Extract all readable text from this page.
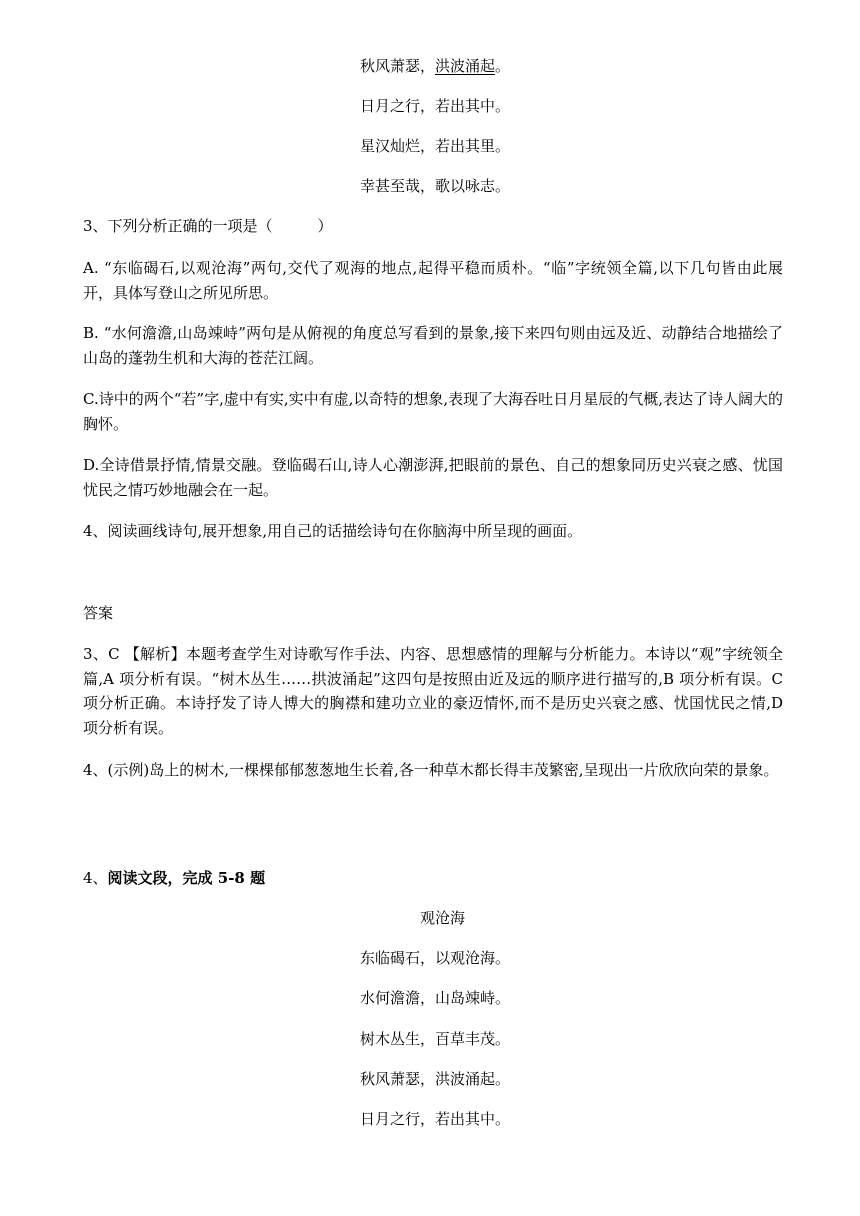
秋风萧瑟，洪波涌起。
日月之行，若出其中。
星汉灿烂，若出其里。
幸甚至哉，歌以咏志。
3、下列分析正确的一项是（　　　）
A. “东临碣石,以观沧海”两句,交代了观海的地点,起得平稳而质朴。“临”字统领全篇,以下几句皆由此展开，具体写登山之所见所思。
B. “水何澹澹,山岛竦峙”两句是从俯视的角度总写看到的景象,接下来四句则由远及近、动静结合地描绘了山岛的蓬勃生机和大海的苍茫江阔。
C.诗中的两个“若”字,虚中有实,实中有虚,以奇特的想象,表现了大海吞吐日月星辰的气概,表达了诗人阔大的胸怀。
D.全诗借景抒情,情景交融。登临碣石山,诗人心潮澎湃,把眼前的景色、自己的想象同历史兴衰之感、忧国忧民之情巧妙地融会在一起。
4、阅读画线诗句,展开想象,用自己的话描绘诗句在你脑海中所呈现的画面。
答案
3、C 【解析】本题考查学生对诗歌写作手法、内容、思想感情的理解与分析能力。本诗以“观”字统领全篇,A 项分析有误。“树木丛生……拱波涌起”这四句是按照由近及远的顺序进行描写的,B 项分析有误。C 项分析正确。本诗抒发了诗人博大的胸襟和建功立业的豪迈情怀,而不是历史兴衰之感、忧国忧民之情,D 项分析有误。
4、(示例)岛上的树木,一棵棵郁郁葱葱地生长着,各一种草木都长得丰茂繁密,呈现出一片欣欣向荣的景象。
4、阅读文段，完成 5-8 题
观沧海
东临碣石，以观沧海。
水何澹澹，山岛竦峙。
树木丛生，百草丰茂。
秋风萧瑟，洪波涌起。
日月之行，若出其中。
